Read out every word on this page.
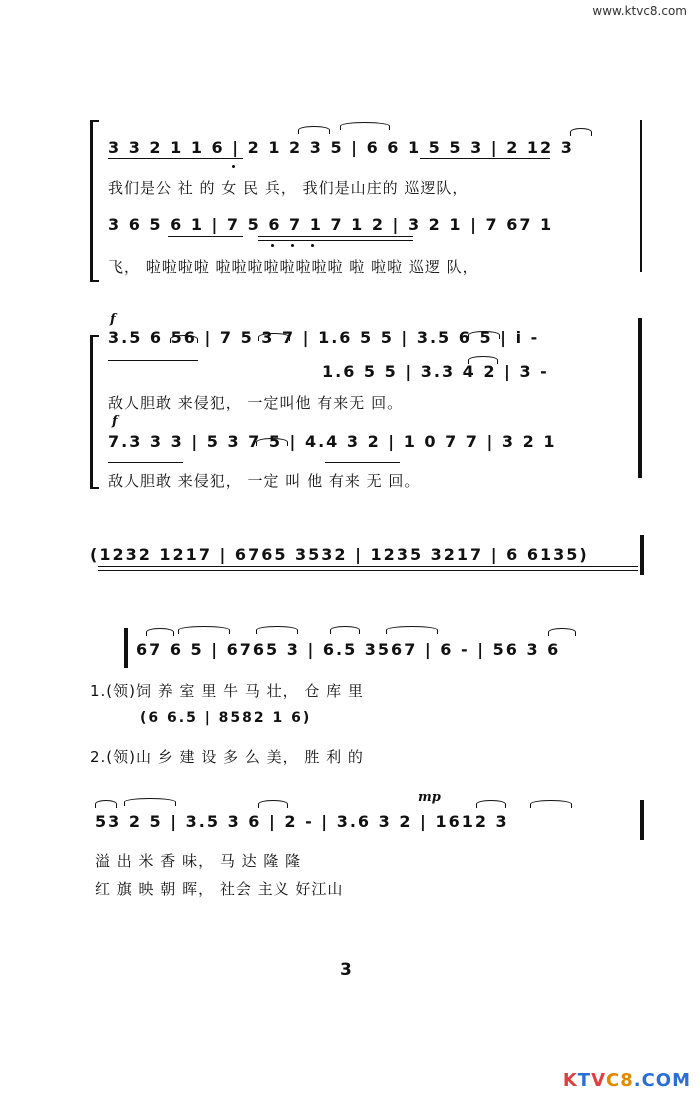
www.ktvc8.com
3 3 2 1 1 6 | 2 1 2 3 5 | 6 6 1 5 5 3 | 2 12 3
我们是公 社 的 女 民 兵， 我们是山庄的 巡逻队，
3 6 5 6 1 | 7 5 6 7 1 7 1 2 | 3 2 1 | 7 67 1
飞， 啦啦啦啦 啦啦啦啦啦啦啦啦 啦 啦啦 巡逻 队，
f
3.5 6 56 | 7 5 3 7 | 1.6 5 5 | 3.5 6 5 | i -
1.6 5 5 | 3.3 4 2 | 3 -
敌人胆敢 来侵犯， 一定叫他 有来无 回。
f
7.3 3 3 | 5 3 7 5 | 4.4 3 2 | 1 0 7 7 | 3 2 1
敌人胆敢 来侵犯， 一定 叫 他 有来 无 回。
(1232 1217 | 6765 3532 | 1235 3217 | 6 6135)
67 6 5 | 6765 3 | 6.5 3567 | 6 - | 56 3 6
1.(领)饲 养 室 里 牛 马 壮， 仓 库 里
(6 6.5 | 8582 1 6)
2.(领)山 乡 建 设 多 么 美， 胜 利 的
mp
53 2 5 | 3.5 3 6 | 2 - | 3.6 3 2 | 1612 3
溢 出 米 香 味， 马 达 隆 隆
红 旗 映 朝 晖， 社会 主义 好江山
3
KTVC8.COM
